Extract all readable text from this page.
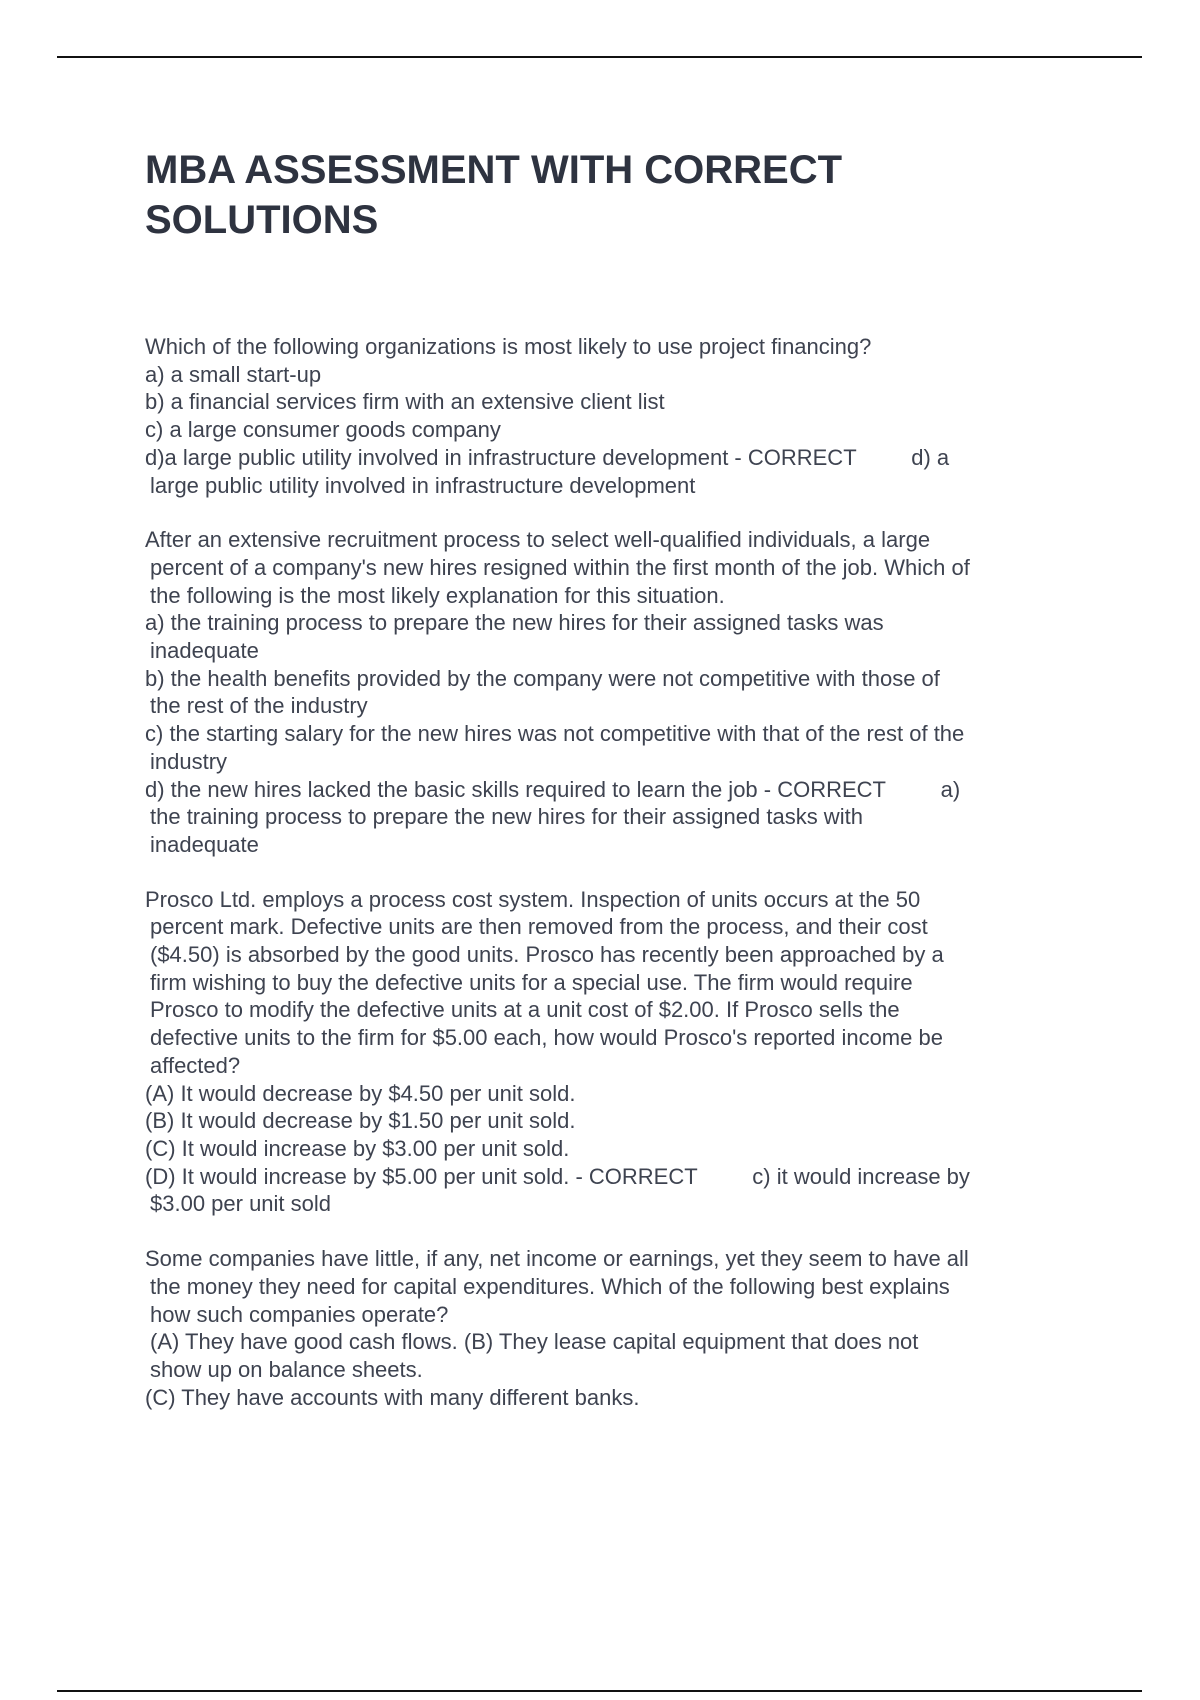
MBA ASSESSMENT WITH CORRECT
SOLUTIONS
Which of the following organizations is most likely to use project financing?
a) a small start-up
b) a financial services firm with an extensive client list
c) a large consumer goods company
d)a large public utility involved in infrastructure development - CORRECT         d) a
large public utility involved in infrastructure development
After an extensive recruitment process to select well-qualified individuals, a large
percent of a company's new hires resigned within the first month of the job. Which of
the following is the most likely explanation for this situation.
a) the training process to prepare the new hires for their assigned tasks was
inadequate
b) the health benefits provided by the company were not competitive with those of
the rest of the industry
c) the starting salary for the new hires was not competitive with that of the rest of the
industry
d) the new hires lacked the basic skills required to learn the job - CORRECT         a)
the training process to prepare the new hires for their assigned tasks with
inadequate
Prosco Ltd. employs a process cost system. Inspection of units occurs at the 50
percent mark. Defective units are then removed from the process, and their cost
($4.50) is absorbed by the good units. Prosco has recently been approached by a
firm wishing to buy the defective units for a special use. The firm would require
Prosco to modify the defective units at a unit cost of $2.00. If Prosco sells the
defective units to the firm for $5.00 each, how would Prosco's reported income be
affected?
(A) It would decrease by $4.50 per unit sold.
(B) It would decrease by $1.50 per unit sold.
(C) It would increase by $3.00 per unit sold.
(D) It would increase by $5.00 per unit sold. - CORRECT         c) it would increase by
$3.00 per unit sold
Some companies have little, if any, net income or earnings, yet they seem to have all
the money they need for capital expenditures. Which of the following best explains
how such companies operate?
(A) They have good cash flows. (B) They lease capital equipment that does not
show up on balance sheets.
(C) They have accounts with many different banks.
